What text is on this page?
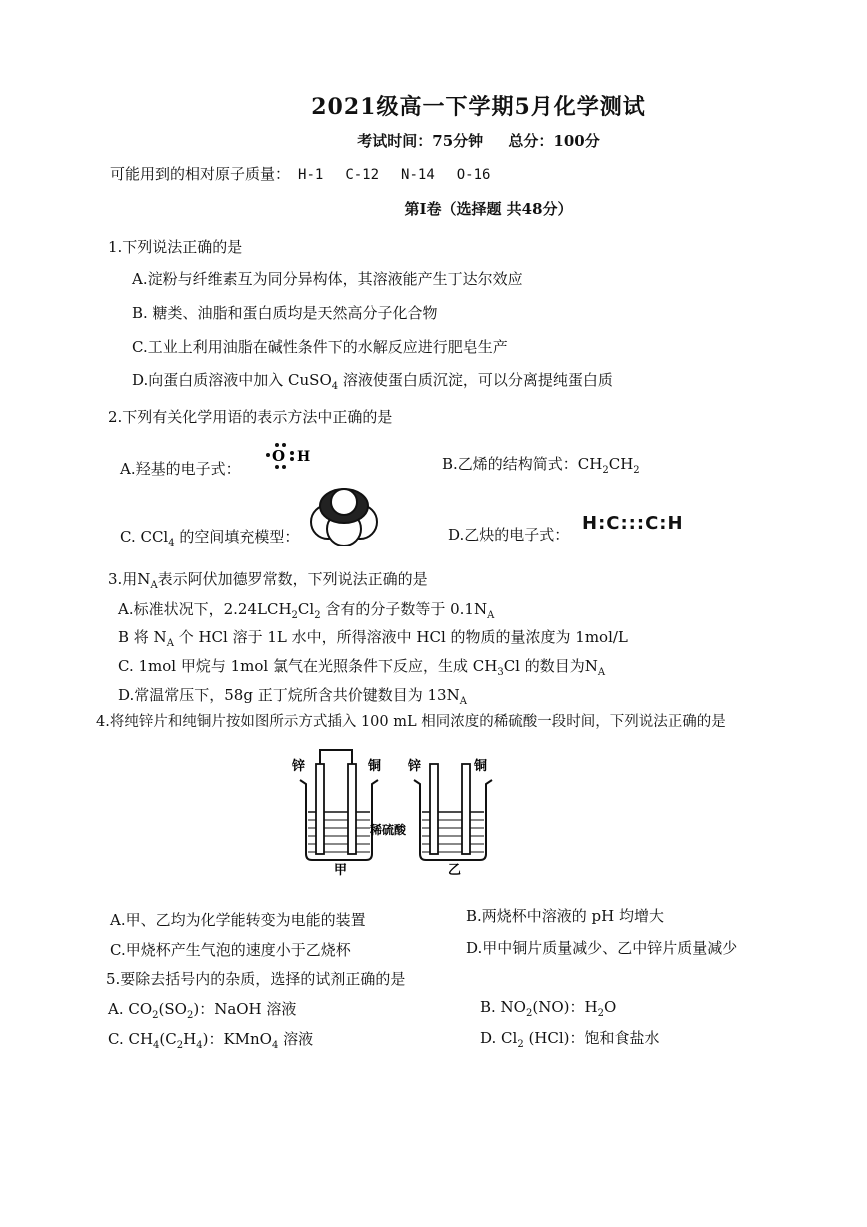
2021级高一下学期5月化学测试
考试时间：75分钟 总分：100分
可能用到的相对原子质量： H-1 C-12 N-14 O-16
第Ⅰ卷（选择题 共48分）
1.下列说法正确的是
A.淀粉与纤维素互为同分异构体，其溶液能产生丁达尔效应
B. 糖类、油脂和蛋白质均是天然高分子化合物
C.工业上利用油脂在碱性条件下的水解反应进行肥皂生产
D.向蛋白质溶液中加入 CuSO$_4$ 溶液使蛋白质沉淀，可以分离提纯蛋白质
2.下列有关化学用语的表示方法中正确的是
A.羟基的电子式：
O H	B.乙烯的结构简式：$CH_2CH_2$
C. CCl$_4$ 的空间填充模型：	D.乙炔的电子式：
H:C:::C:H
3.用$N_A$表示阿伏加德罗常数，下列说法正确的是
A.标准状况下，$2.24LCH_2Cl_2$ 含有的分子数等于 $0.1N_A$
B 将 $N_A$ 个 HCl 溶于 1L 水中，所得溶液中 HCl 的物质的量浓度为 1mol/L
C. 1mol 甲烷与 1mol 氯气在光照条件下反应，生成 $CH_3Cl$ 的数目为$N_A$
D.常温常压下，58g 正丁烷所含共价键数目为 $13N_A$
4.将纯锌片和纯铜片按如图所示方式插入 100 mL 相同浓度的稀硫酸一段时间，下列说法正确的是
锌	铜 锌	铜
稀硫酸
甲	乙
A.甲、乙均为化学能转变为电能的装置	B.两烧杯中溶液的 pH 均增大
C.甲烧杯产生气泡的速度小于乙烧杯	D.甲中铜片质量减少、乙中锌片质量减少
5.要除去括号内的杂质，选择的试剂正确的是
A. $CO_2(SO_2)$：NaOH 溶液	B. $NO_2(NO)$：$H_2O$
C. $CH_4(C_2H_4)$：KMnO$_4$ 溶液	D. $Cl_2$ (HCl)：饱和食盐水
